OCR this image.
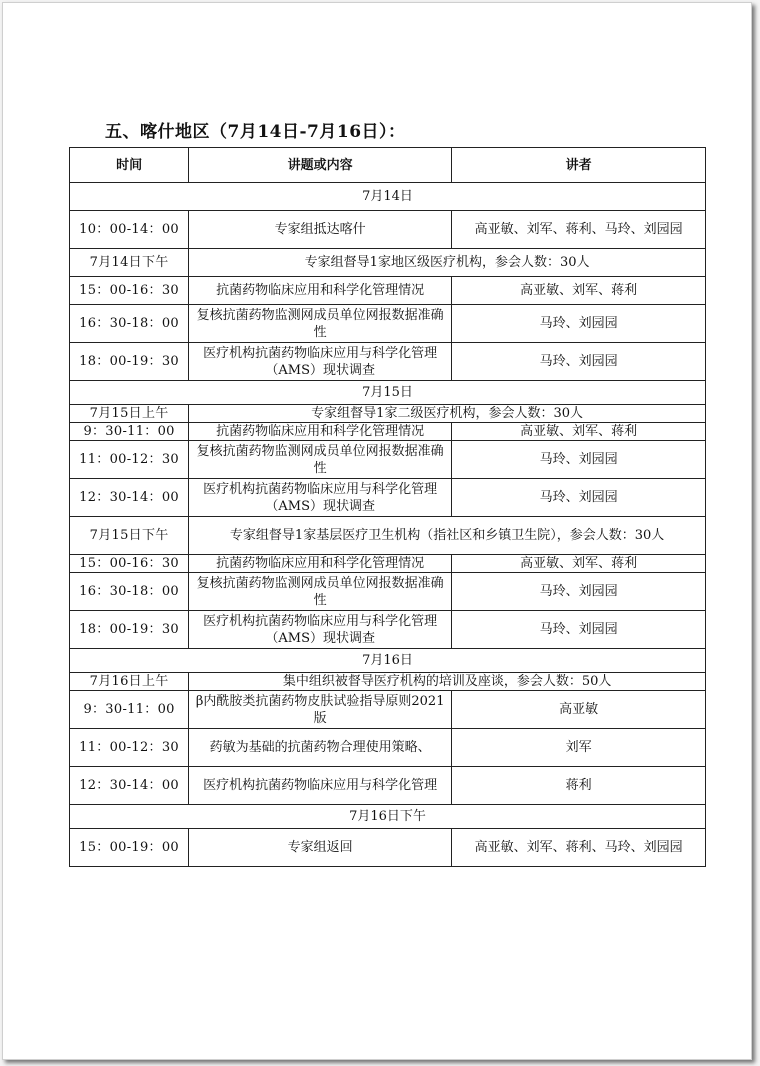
五、喀什地区（7月14日-7月16日）：
时间	讲题或内容	讲者
7月14日		
10：00-14：00	专家组抵达喀什	高亚敏、刘军、蒋利、马玲、刘园园
7月14日下午	专家组督导1家地区级医疗机构，参会人数：30人	
15：00-16：30	抗菌药物临床应用和科学化管理情况	高亚敏、刘军、蒋利
16：30-18：00	复核抗菌药物监测网成员单位网报数据准确性	马玲、刘园园
18：00-19：30	医疗机构抗菌药物临床应用与科学化管理（AMS）现状调查	马玲、刘园园
7月15日		
7月15日上午	专家组督导1家二级医疗机构，参会人数：30人	
9：30-11：00	抗菌药物临床应用和科学化管理情况	高亚敏、刘军、蒋利
11：00-12：30	复核抗菌药物监测网成员单位网报数据准确性	马玲、刘园园
12：30-14：00	医疗机构抗菌药物临床应用与科学化管理（AMS）现状调查	马玲、刘园园
7月15日下午	专家组督导1家基层医疗卫生机构（指社区和乡镇卫生院），参会人数：30人	
15：00-16：30	抗菌药物临床应用和科学化管理情况	高亚敏、刘军、蒋利
16：30-18：00	复核抗菌药物监测网成员单位网报数据准确性	马玲、刘园园
18：00-19：30	医疗机构抗菌药物临床应用与科学化管理（AMS）现状调查	马玲、刘园园
7月16日		
7月16日上午	集中组织被督导医疗机构的培训及座谈，参会人数：50人	
9：30-11：00	β内酰胺类抗菌药物皮肤试验指导原则2021版	高亚敏
11：00-12：30	药敏为基础的抗菌药物合理使用策略、	刘军
12：30-14：00	医疗机构抗菌药物临床应用与科学化管理	蒋利
7月16日下午		
15：00-19：00	专家组返回	高亚敏、刘军、蒋利、马玲、刘园园
